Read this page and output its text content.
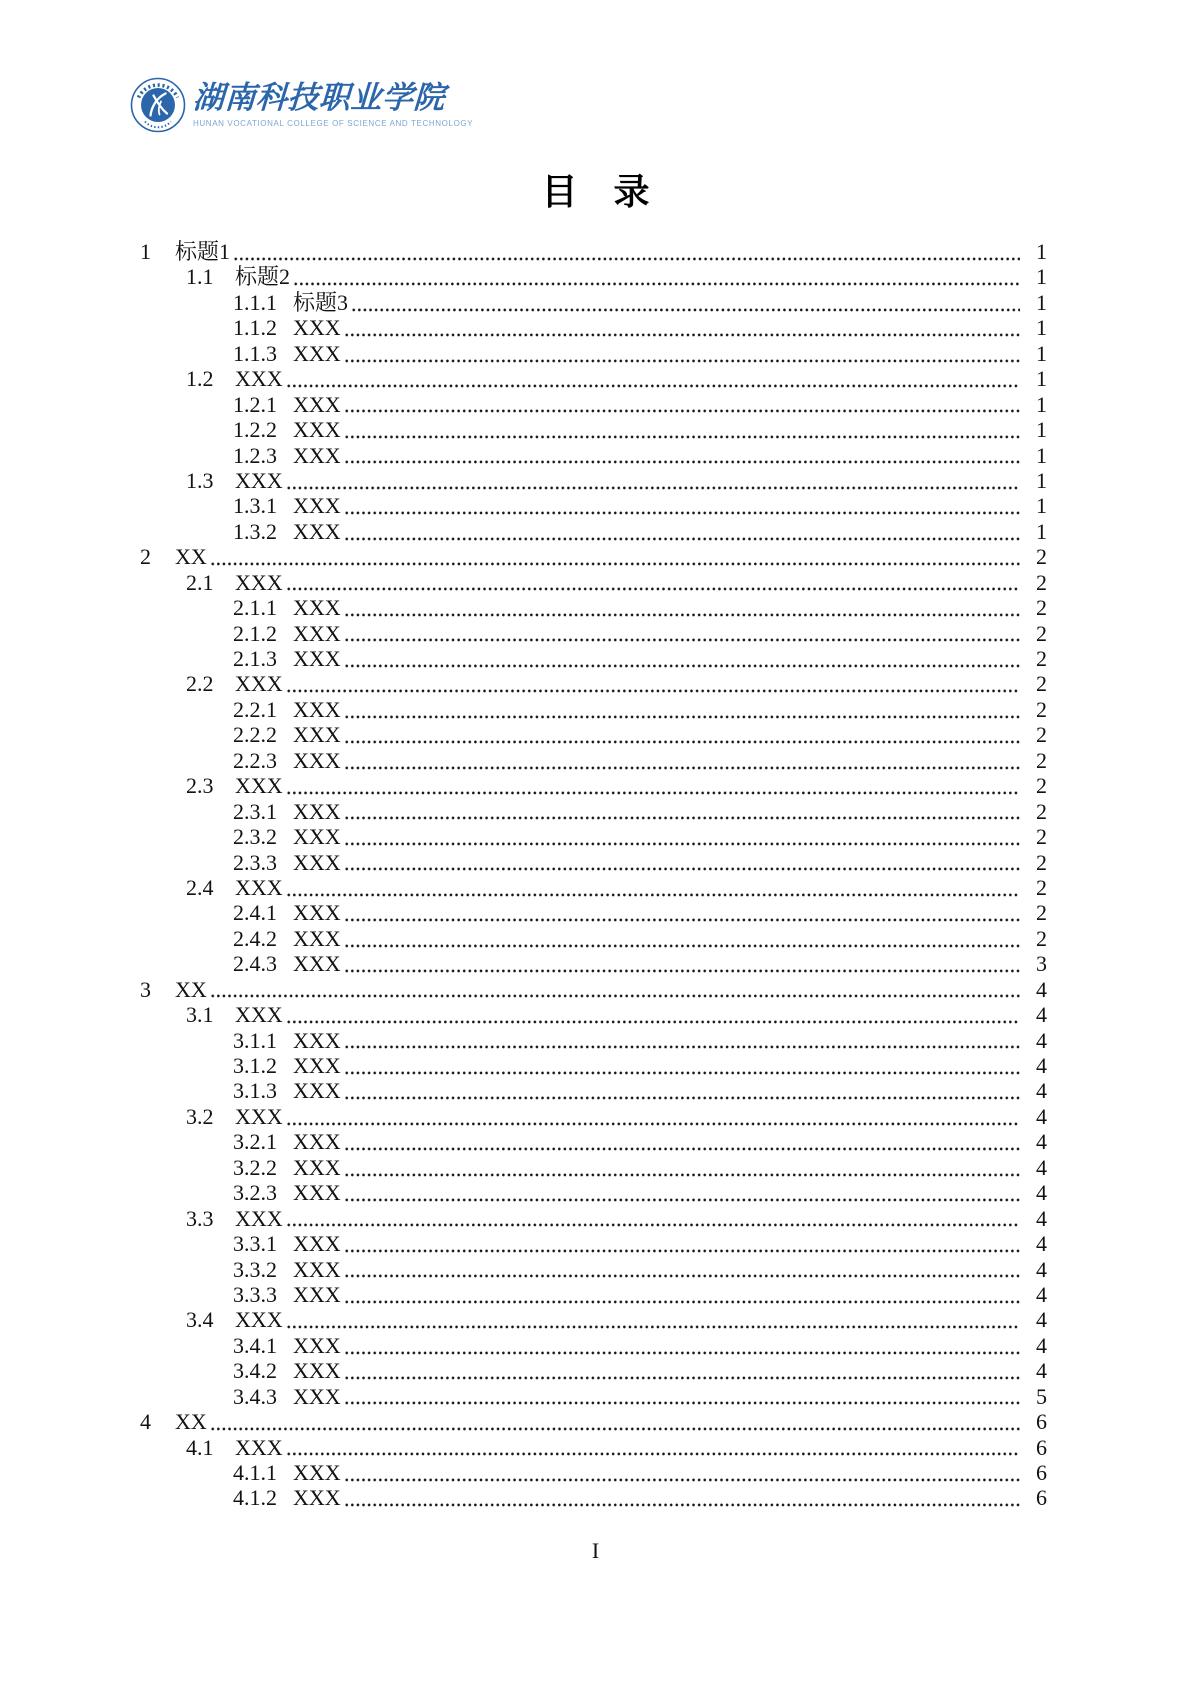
湖南科技职业学院
HUNAN VOCATIONAL COLLEGE OF SCIENCE AND TECHNOLOGY
目　录
1	标题1	1
1.1 标题2	1
1.1.1 标题3	1
1.1.2 XXX	1
1.1.3 XXX	1
1.2 XXX	1
1.2.1 XXX	1
1.2.2 XXX	1
1.2.3 XXX	1
1.3 XXX	1
1.3.1 XXX	1
1.3.2 XXX	1
2	XX	2
2.1 XXX	2
2.1.1 XXX	2
2.1.2 XXX	2
2.1.3 XXX	2
2.2 XXX	2
2.2.1 XXX	2
2.2.2 XXX	2
2.2.3 XXX	2
2.3 XXX	2
2.3.1 XXX	2
2.3.2 XXX	2
2.3.3 XXX	2
2.4 XXX	2
2.4.1 XXX	2
2.4.2 XXX	2
2.4.3 XXX	3
3	XX	4
3.1 XXX	4
3.1.1 XXX	4
3.1.2 XXX	4
3.1.3 XXX	4
3.2 XXX	4
3.2.1 XXX	4
3.2.2 XXX	4
3.2.3 XXX	4
3.3 XXX	4
3.3.1 XXX	4
3.3.2 XXX	4
3.3.3 XXX	4
3.4 XXX	4
3.4.1 XXX	4
3.4.2 XXX	4
3.4.3 XXX	5
4	XX	6
4.1 XXX	6
4.1.1 XXX	6
4.1.2 XXX	6
I
